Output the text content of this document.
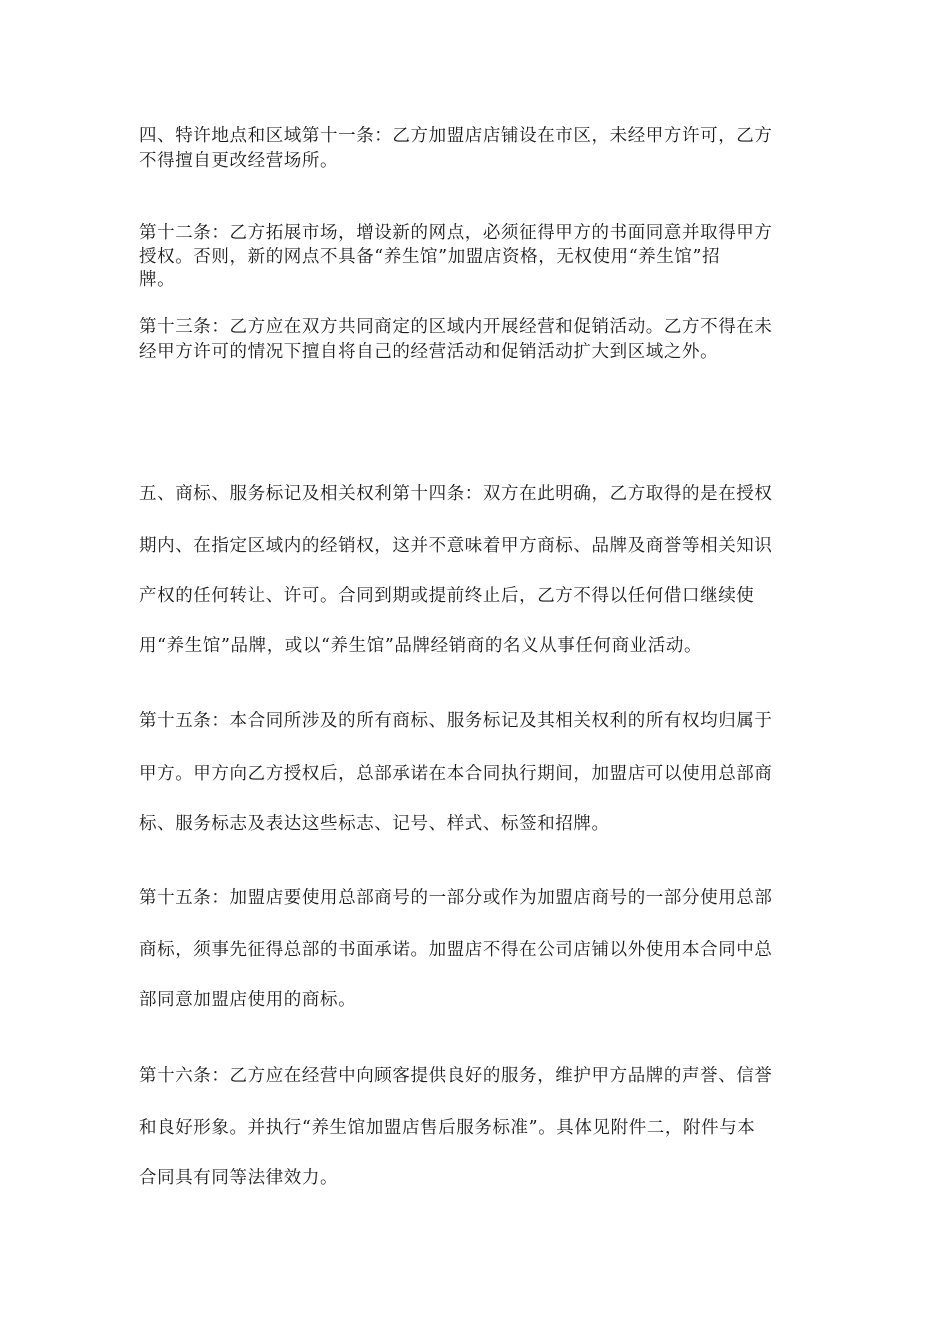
四、特许地点和区域第十一条：乙方加盟店店铺设在市区，未经甲方许可，乙方
不得擅自更改经营场所。
第十二条：乙方拓展市场，增设新的网点，必须征得甲方的书面同意并取得甲方
授权。否则，新的网点不具备“养生馆”加盟店资格，无权使用“养生馆”招
牌。
第十三条：乙方应在双方共同商定的区域内开展经营和促销活动。乙方不得在未
经甲方许可的情况下擅自将自己的经营活动和促销活动扩大到区域之外。
五、商标、服务标记及相关权利第十四条：双方在此明确，乙方取得的是在授权
期内、在指定区域内的经销权，这并不意味着甲方商标、品牌及商誉等相关知识
产权的任何转让、许可。合同到期或提前终止后，乙方不得以任何借口继续使
用“养生馆”品牌，或以“养生馆”品牌经销商的名义从事任何商业活动。
第十五条：本合同所涉及的所有商标、服务标记及其相关权利的所有权均归属于
甲方。甲方向乙方授权后，总部承诺在本合同执行期间，加盟店可以使用总部商
标、服务标志及表达这些标志、记号、样式、标签和招牌。
第十五条：加盟店要使用总部商号的一部分或作为加盟店商号的一部分使用总部
商标，须事先征得总部的书面承诺。加盟店不得在公司店铺以外使用本合同中总
部同意加盟店使用的商标。
第十六条：乙方应在经营中向顾客提供良好的服务，维护甲方品牌的声誉、信誉
和良好形象。并执行“养生馆加盟店售后服务标准”。具体见附件二，附件与本
合同具有同等法律效力。
